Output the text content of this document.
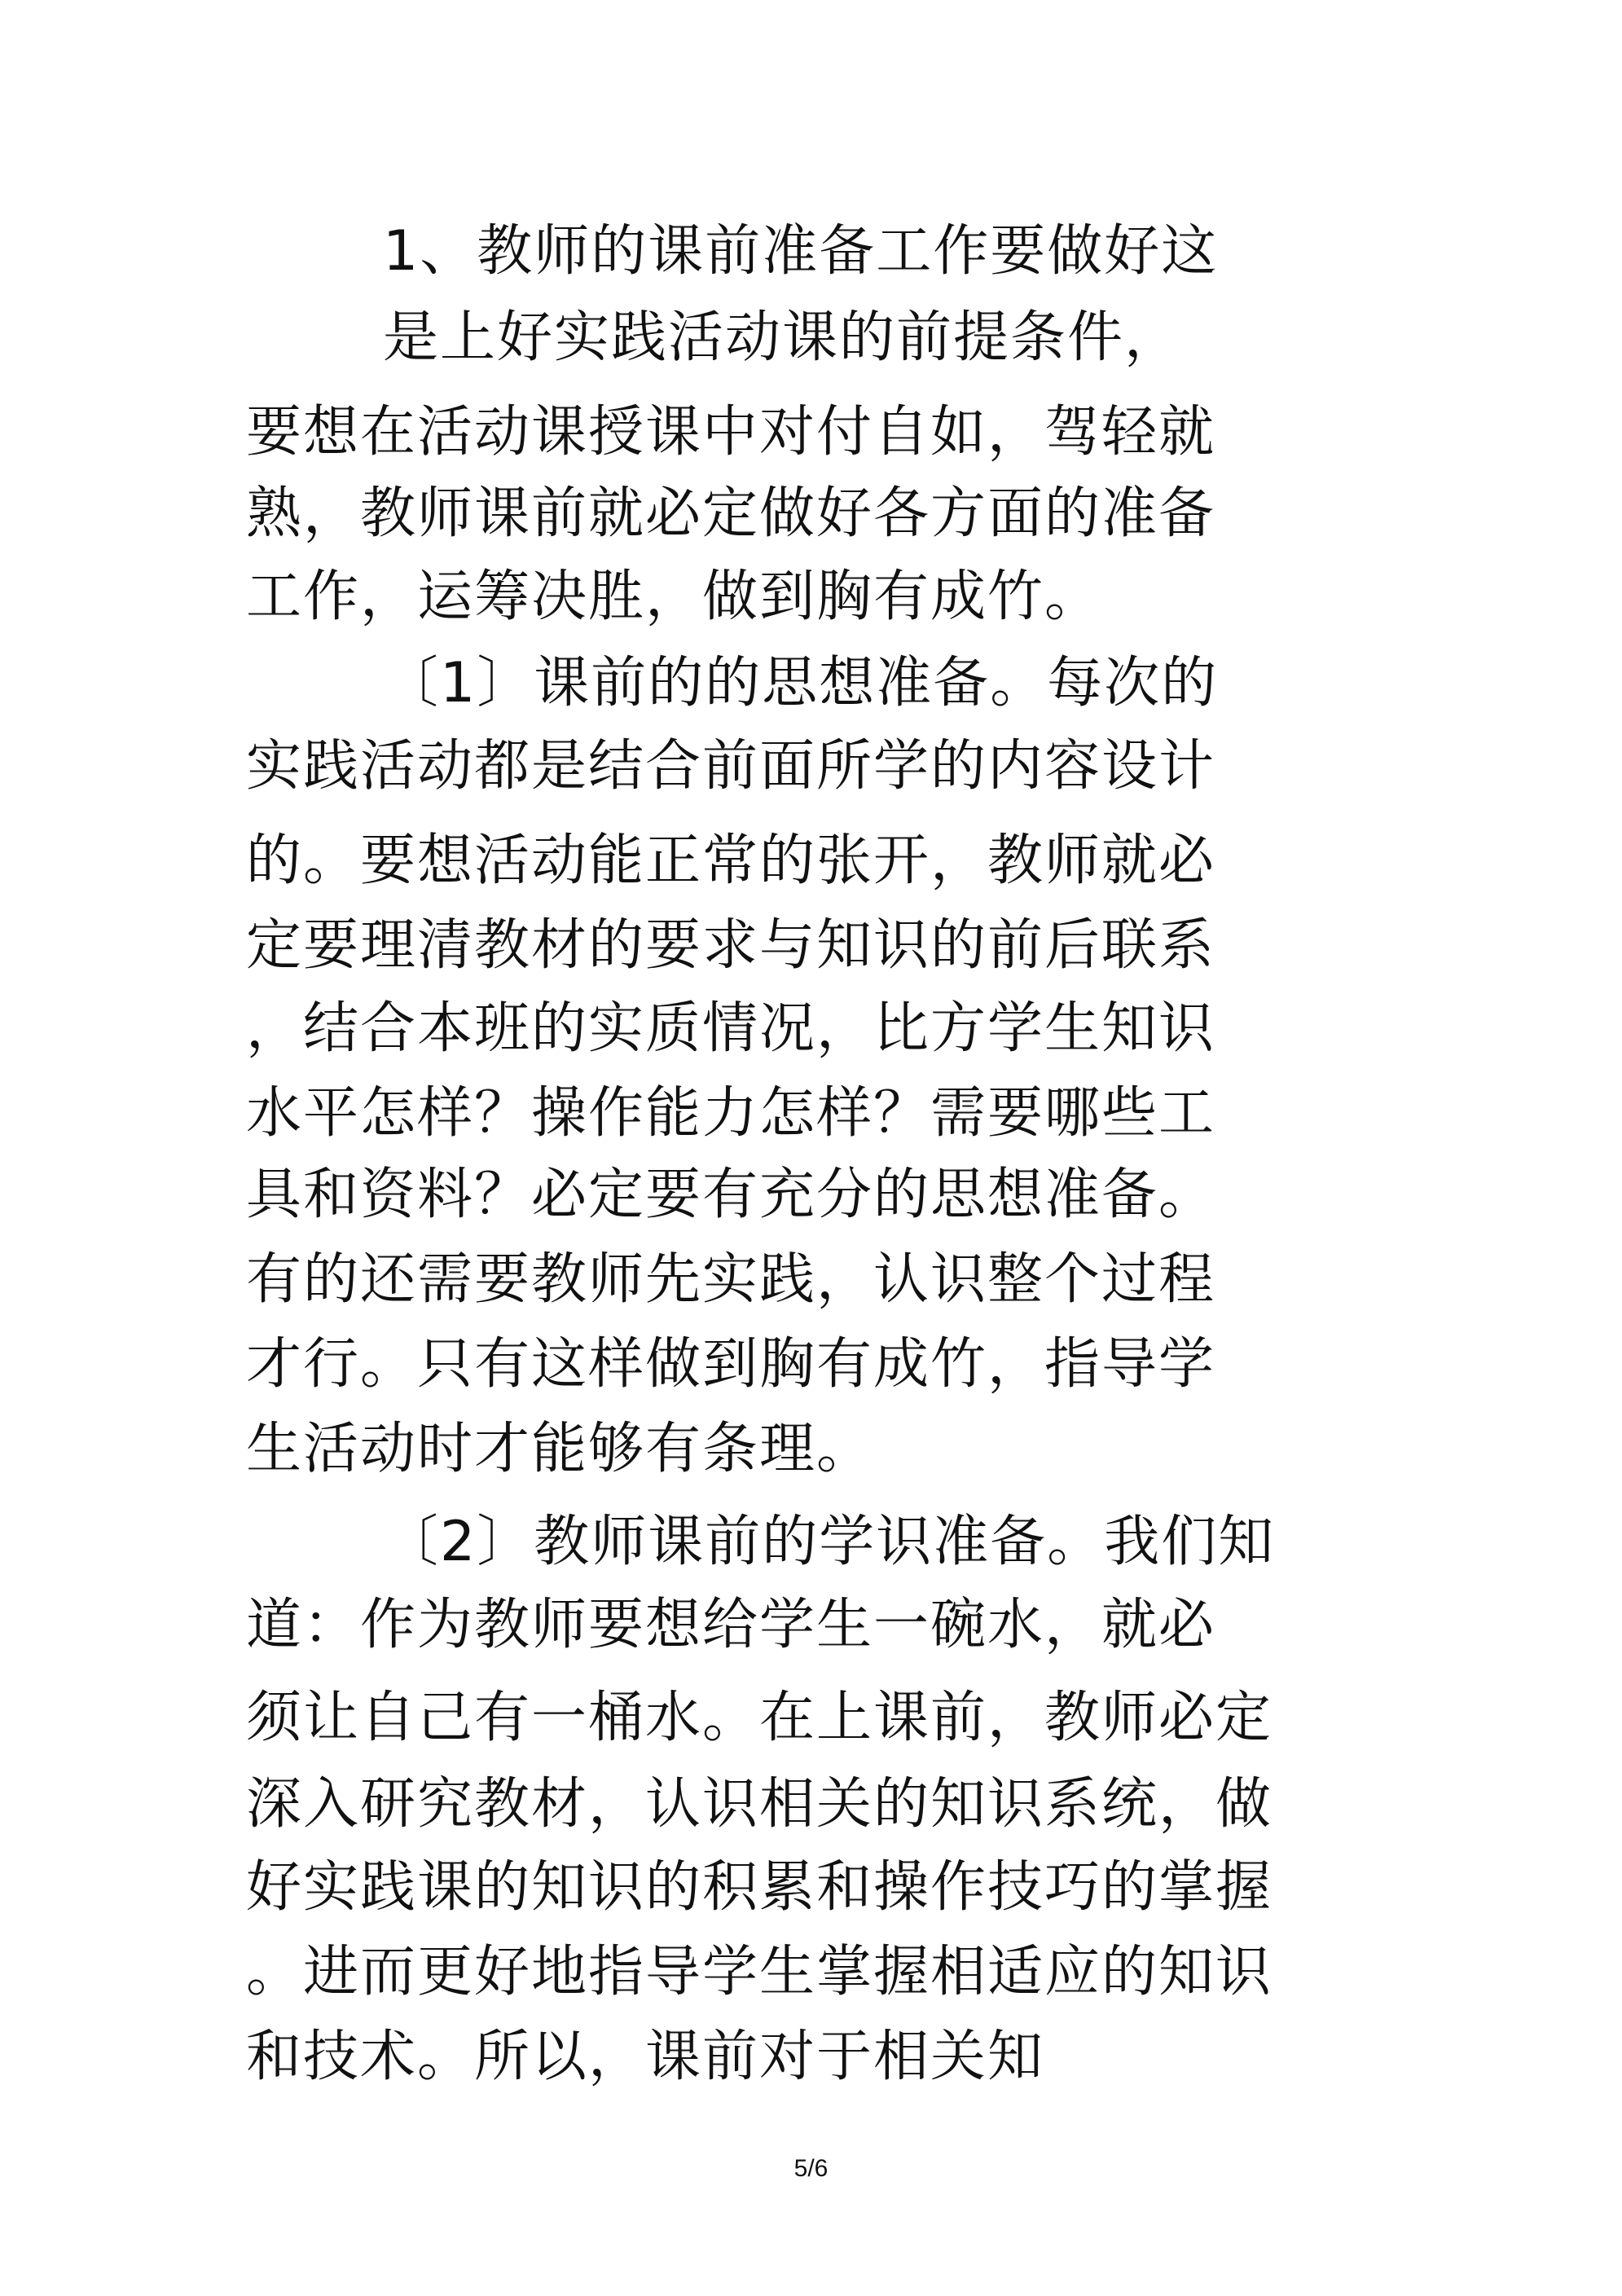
1、教师的课前准备工作要做好这
是上好实践活动课的前提条件，
要想在活动课授课中对付自如，驾轻就
熟，教师课前就必定做好各方面的准备
工作，运筹决胜，做到胸有成竹。
〔1〕课前的的思想准备。每次的
实践活动都是结合前面所学的内容设计
的。要想活动能正常的张开，教师就必
定要理清教材的要求与知识的前后联系
，结合本班的实质情况，比方学生知识
水平怎样？操作能力怎样？需要哪些工
具和资料？必定要有充分的思想准备。
有的还需要教师先实践，认识整个过程
才行。只有这样做到胸有成竹，指导学
生活动时才能够有条理。
〔2〕教师课前的学识准备。我们知
道：作为教师要想给学生一碗水，就必
须让自己有一桶水。在上课前，教师必定
深入研究教材，认识相关的知识系统，做
好实践课的知识的积累和操作技巧的掌握
。进而更好地指导学生掌握相适应的知识
和技术。所以，课前对于相关知
5/6
